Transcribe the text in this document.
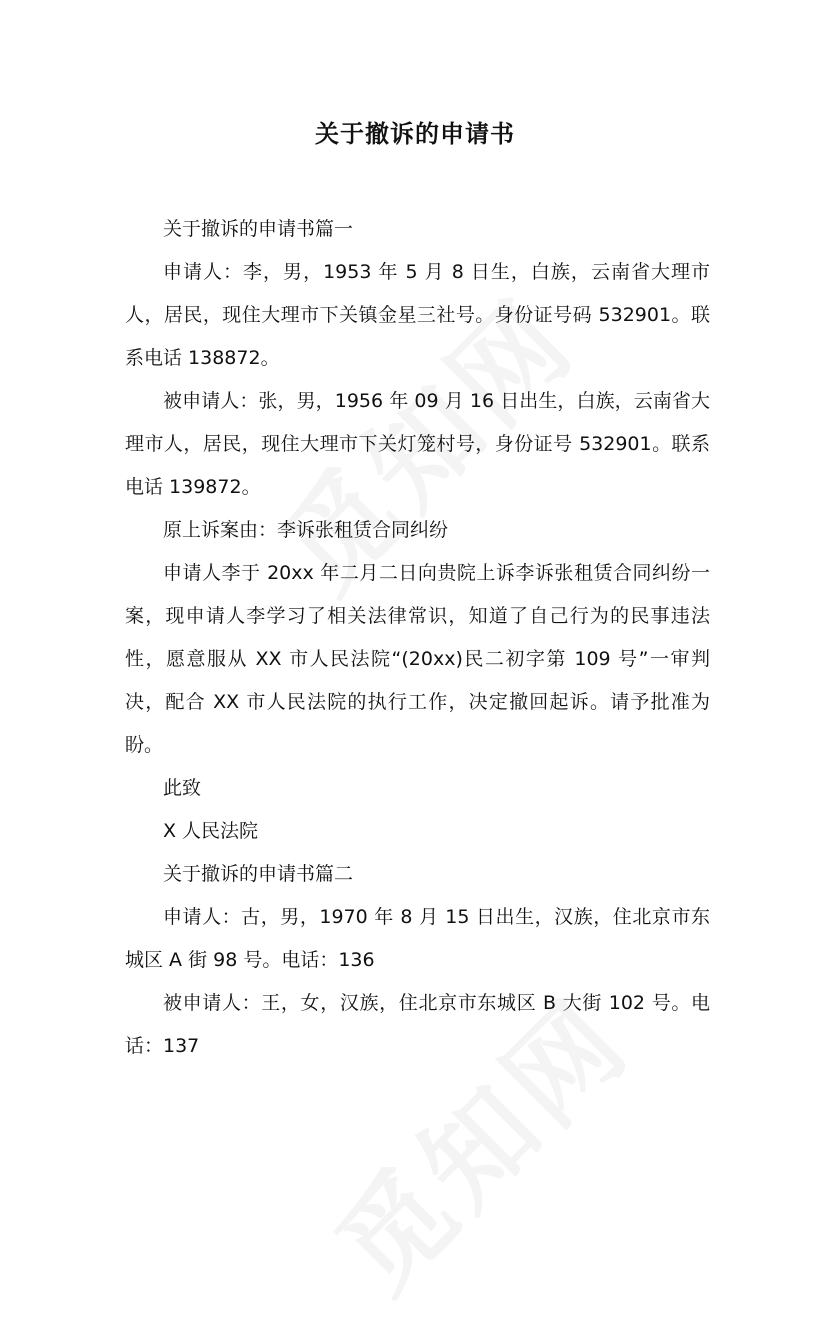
关于撤诉的申请书

关于撤诉的申请书篇一

申请人：李，男，1953 年 5 月 8 日生，白族，云南省大理市人，居民，现住大理市下关镇金星三社号。身份证号码 532901。联系电话 138872。

被申请人：张，男，1956 年 09 月 16 日出生，白族，云南省大理市人，居民，现住大理市下关灯笼村号，身份证号 532901。联系电话 139872。

原上诉案由：李诉张租赁合同纠纷

申请人李于 20xx 年二月二日向贵院上诉李诉张租赁合同纠纷一案，现申请人李学习了相关法律常识，知道了自己行为的民事违法性，愿意服从 XX 市人民法院“(20xx)民二初字第 109 号”一审判决，配合 XX 市人民法院的执行工作，决定撤回起诉。请予批准为盼。

此致

X 人民法院

关于撤诉的申请书篇二

申请人：古，男，1970 年 8 月 15 日出生，汉族，住北京市东城区 A 街 98 号。电话：136

被申请人：王，女，汉族，住北京市东城区 B 大街 102 号。电话：137
